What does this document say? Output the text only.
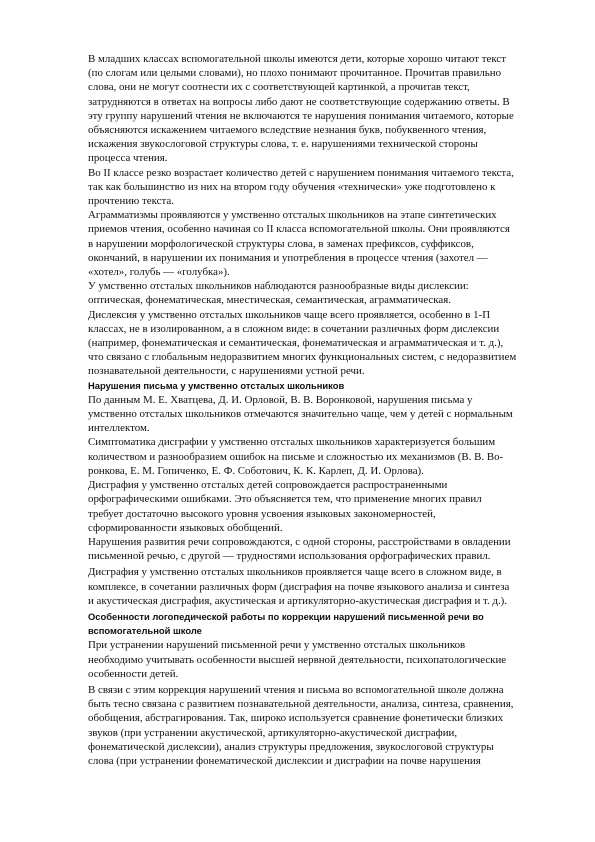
В младших классах вспомогательной школы имеются дети, которые хорошо читают текст
(по слогам или целыми словами), но плохо понимают прочитанное. Прочитав правильно
слова, они не могут соотнести их с соответствующей картинкой, а прочитав текст,
затрудняются в ответах на вопросы либо дают не соответствующие содержанию ответы. В
эту группу нарушений чтения не включаются те нарушения понимания читаемого, которые
объясняются искажением читаемого вследствие незнания букв, побуквенного чтения,
искажения звукослоговой структуры слова, т. е. нарушениями технической стороны
процесса чтения.
Во II классе резко возрастает количество детей с нарушением понимания читаемого текста,
так как большинство из них на втором году обучения «технически» уже подготовлено к
прочтению текста.
Аграмматизмы проявляются у умственно отсталых школьников на этапе синтетических
приемов чтения, особенно начиная со II класса вспомогательной школы. Они проявляются
в нарушении морфологической структуры слова, в заменах префиксов, суффиксов,
окончаний, в нарушении их понимания и употребления в процессе чтения (захотел —
«хотел», голубь — «голубка»).
У умственно отсталых школьников наблюдаются разнообразные виды дислексии:
оптическая, фонематическая, мнестическая, семантическая, аграмматическая.
Дислексия у умственно отсталых школьников чаще всего проявляется, особенно в 1-П
классах, не в изолированном, а в сложном виде: в сочетании различных форм дислексии
(например, фонематическая и семантическая, фонематическая и аграмматическая и т. д.),
что связано с глобальным недоразвитием многих функциональных систем, с недоразвитием
познавательной деятельности, с нарушениями устной речи.
Нарушения письма у умственно отсталых школьников
По данным М. Е. Хватцева, Д. И. Орловой, В. В. Воронковой, нарушения письма у
умственно отсталых школьников отмечаются значительно чаще, чем у детей с нормальным
интеллектом.
Симптоматика дисграфии у умственно отсталых школьников характеризуется большим
количеством и разнообразием ошибок на письме и сложностью их механизмов (В. В. Во-
ронкова, Е. М. Гопиченко, Е. Ф. Соботович, К. К. Карлеп, Д. И. Орлова).
Дисграфия у умственно отсталых детей сопровождается распространенными
орфографическими ошибками. Это объясняется тем, что применение многих правил
требует достаточно высокого уровня усвоения языковых закономерностей,
сформированности языковых обобщений.
Нарушения развития речи сопровождаются, с одной стороны, расстройствами в овладении
письменной речью, с другой — трудностями использования орфографических правил.
Дисграфия у умственно отсталых школьников проявляется чаще всего в сложном виде, в
комплексе, в сочетании различных форм (дисграфия на почве языкового анализа и синтеза
и акустическая дисграфия, акустическая и артикуляторно-акустическая дисграфия и т. д.).
Особенности логопедической работы по коррекции нарушений письменной речи во
вспомогательной школе
При устранении нарушений письменной речи у умственно отсталых школьников
необходимо учитывать особенности высшей нервной деятельности, психопатологические
особенности детей.
В связи с этим коррекция нарушений чтения и письма во вспомогательной школе должна
быть тесно связана с развитием познавательной деятельности, анализа, синтеза, сравнения,
обобщения, абстрагирования. Так, широко используется сравнение фонетически близких
звуков (при устранении акустической, артикуляторно-акустической дисграфии,
фонематической дислексии), анализ структуры предложения, звукослоговой структуры
слова (при устранении фонематической дислексии и дисграфии на почве нарушения
